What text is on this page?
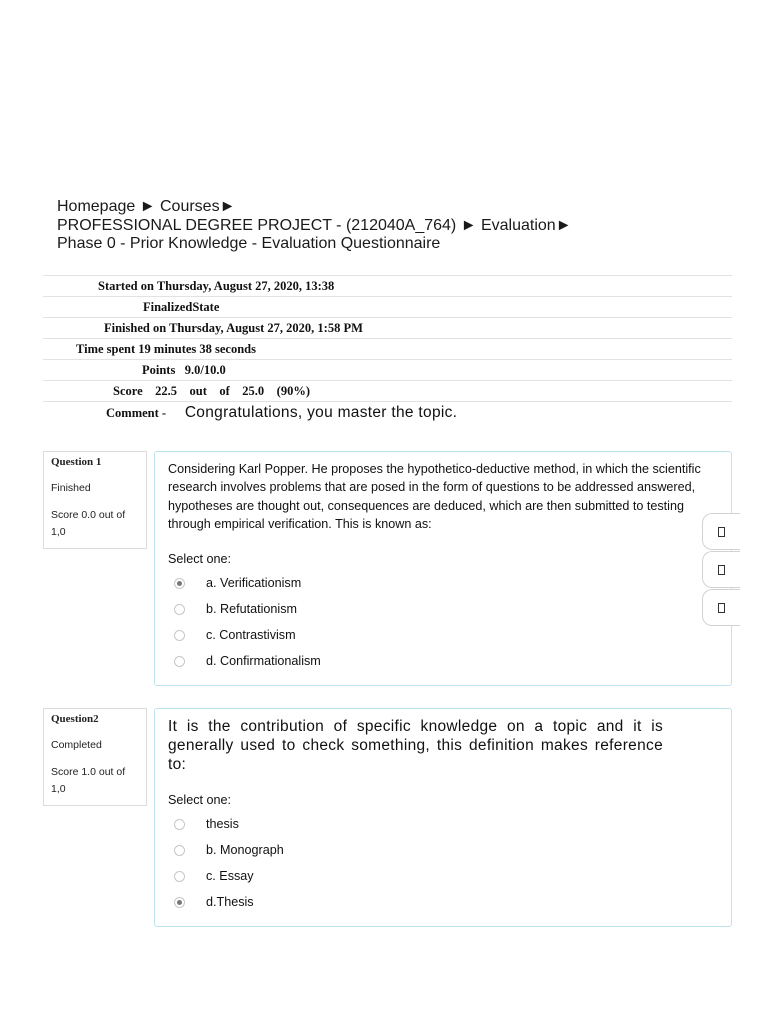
Homepage ► Courses►
PROFESSIONAL DEGREE PROJECT - (212040A_764) ► Evaluation►
Phase 0 - Prior Knowledge - Evaluation Questionnaire
Started on Thursday, August 27, 2020, 13:38
FinalizedState
Finished on Thursday, August 27, 2020, 1:58 PM
Time spent 19 minutes 38 seconds
Points 9.0/10.0
Score 22.5    out    of    25.0    (90%)
Comment - Congratulations, you master the topic.
Question 1
Finished
Score 0.0 out of 1,0
Considering Karl Popper. He proposes the hypothetico-deductive method, in which the scientific research involves problems that are posed in the form of questions to be addressed answered, hypotheses are thought out, consequences are deduced, which are then submitted to testing through empirical verification. This is known as:
Select one:
a. Verificationism
b. Refutationism
c. Contrastivism
d. Confirmationalism
Question2
Completed
Score 1.0 out of 1,0
It is the contribution of specific knowledge on a topic and it is generally used to check something, this definition makes reference to:
Select one:
thesis
b. Monograph
c. Essay
d.Thesis
